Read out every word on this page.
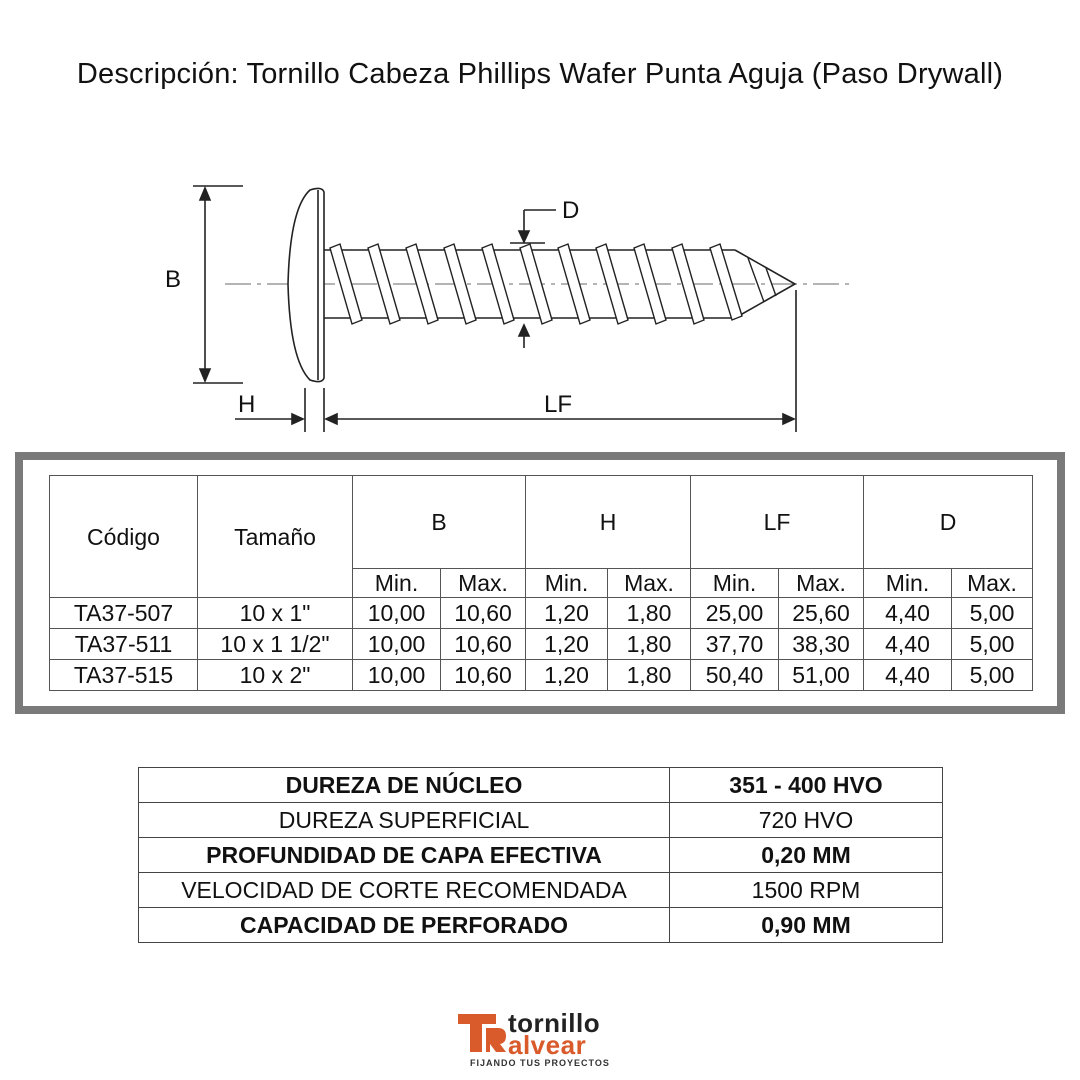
Descripción: Tornillo Cabeza Phillips Wafer Punta Aguja (Paso Drywall)
B
H	LF
D
Código	Tamaño	B		H		LF		D	
		Min.	Max.	Min.	Max.	Min.	Max.	Min.	Max.
TA37-507	10 x 1"	10,00	10,60	1,20	1,80	25,00	25,60	4,40	5,00
TA37-511	10 x 1 1/2"	10,00	10,60	1,20	1,80	37,70	38,30	4,40	5,00
TA37-515	10 x 2"	10,00	10,60	1,20	1,80	50,40	51,00	4,40	5,00
DUREZA DE NÚCLEO	351 - 400 HVO
DUREZA SUPERFICIAL	720 HVO
PROFUNDIDAD DE CAPA EFECTIVA	0,20 MM
VELOCIDAD DE CORTE RECOMENDADA	1500 RPM
CAPACIDAD DE PERFORADO	0,90 MM
tornillo
alvear
FIJANDO TUS PROYECTOS
